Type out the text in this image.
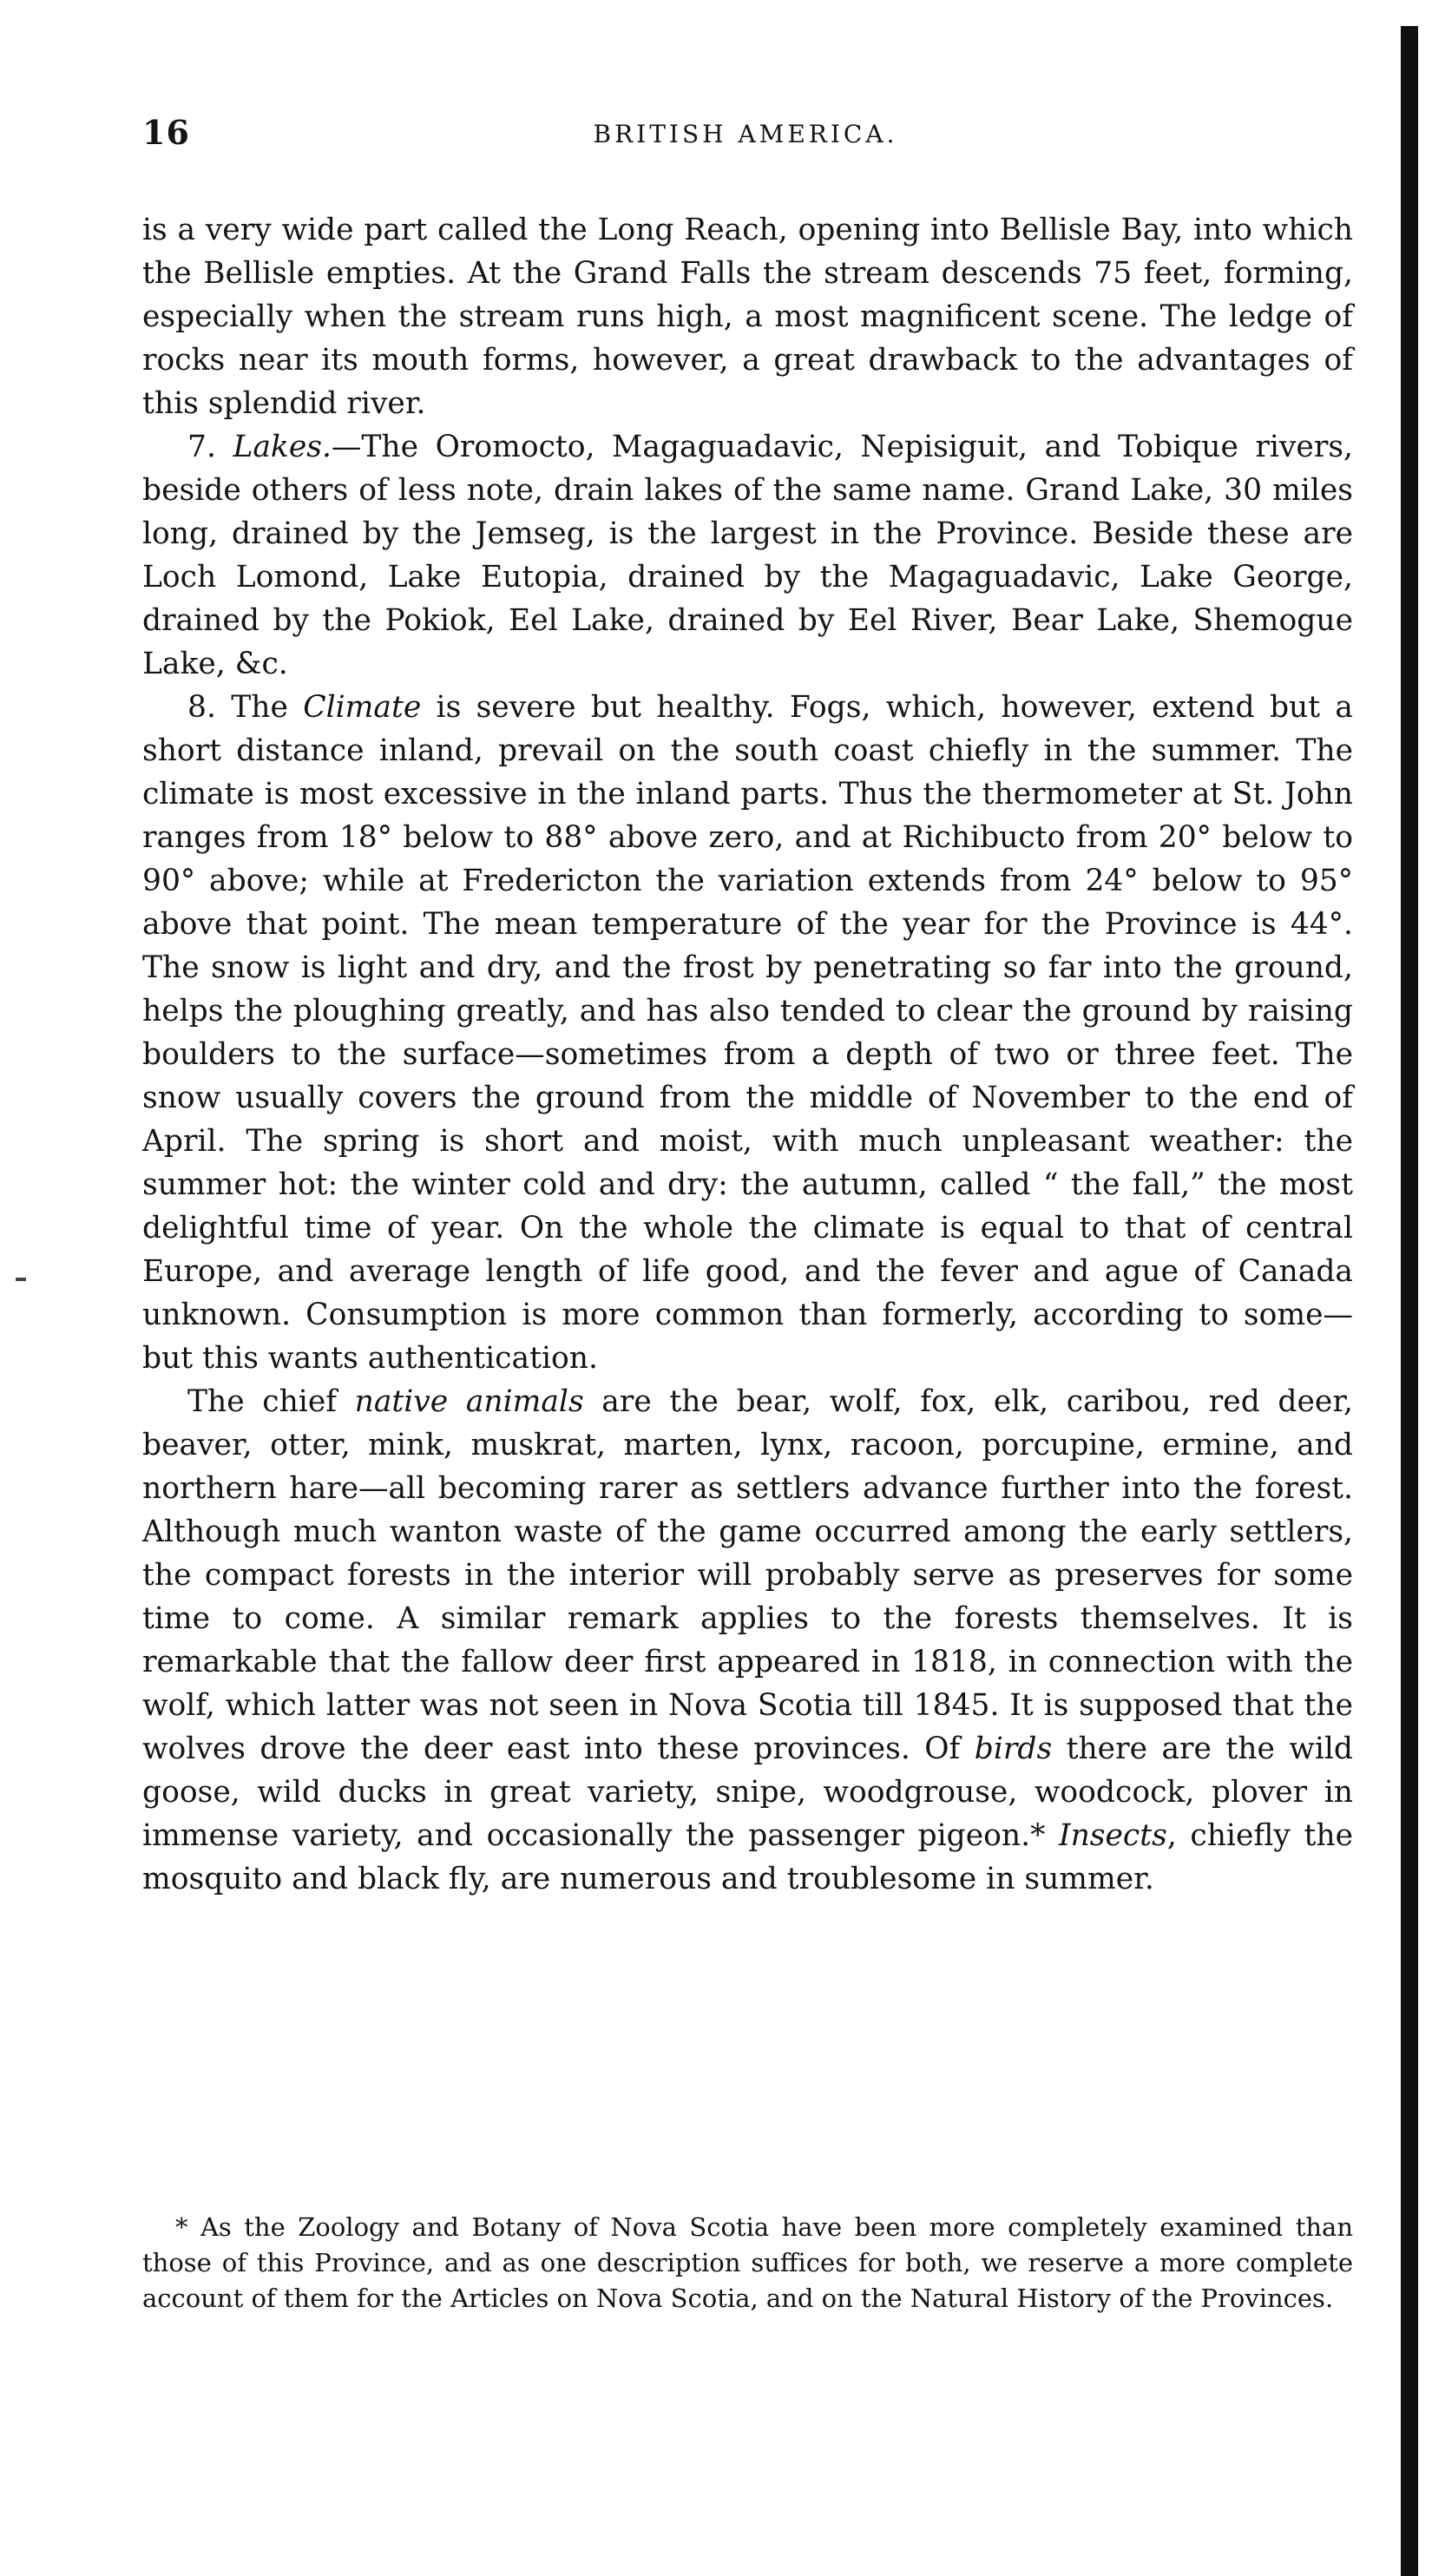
16	BRITISH AMERICA.

is a very wide part called the Long Reach, opening into Bellisle Bay, into which the Bellisle empties. At the Grand Falls the stream descends 75 feet, forming, especially when the stream runs high, a most magnificent scene. The ledge of rocks near its mouth forms, however, a great drawback to the advantages of this splendid river.

7. Lakes.—The Oromocto, Magaguadavic, Nepisiguit, and Tobique rivers, beside others of less note, drain lakes of the same name. Grand Lake, 30 miles long, drained by the Jemseg, is the largest in the Province. Beside these are Loch Lomond, Lake Eutopia, drained by the Magaguadavic, Lake George, drained by the Pokiok, Eel Lake, drained by Eel River, Bear Lake, Shemogue Lake, &c.

8. The Climate is severe but healthy. Fogs, which, however, extend but a short distance inland, prevail on the south coast chiefly in the summer. The climate is most excessive in the inland parts. Thus the thermometer at St. John ranges from 18° below to 88° above zero, and at Richibucto from 20° below to 90° above; while at Fredericton the variation extends from 24° below to 95° above that point. The mean temperature of the year for the Province is 44°. The snow is light and dry, and the frost by penetrating so far into the ground, helps the ploughing greatly, and has also tended to clear the ground by raising boulders to the surface—sometimes from a depth of two or three feet. The snow usually covers the ground from the middle of November to the end of April. The spring is short and moist, with much unpleasant weather: the summer hot: the winter cold and dry: the autumn, called “ the fall,” the most delightful time of year. On the whole the climate is equal to that of central Europe, and average length of life good, and the fever and ague of Canada unknown. Consumption is more common than formerly, according to some—but this wants authentication.

The chief native animals are the bear, wolf, fox, elk, caribou, red deer, beaver, otter, mink, muskrat, marten, lynx, racoon, porcupine, ermine, and northern hare—all becoming rarer as settlers advance further into the forest. Although much wanton waste of the game occurred among the early settlers, the compact forests in the interior will probably serve as preserves for some time to come. A similar remark applies to the forests themselves. It is remarkable that the fallow deer first appeared in 1818, in connection with the wolf, which latter was not seen in Nova Scotia till 1845. It is supposed that the wolves drove the deer east into these provinces. Of birds there are the wild goose, wild ducks in great variety, snipe, woodgrouse, woodcock, plover in immense variety, and occasionally the passenger pigeon.* Insects, chiefly the mosquito and black fly, are numerous and troublesome in summer.

* As the Zoology and Botany of Nova Scotia have been more completely examined than those of this Province, and as one description suffices for both, we reserve a more complete account of them for the Articles on Nova Scotia, and on the Natural History of the Provinces.
